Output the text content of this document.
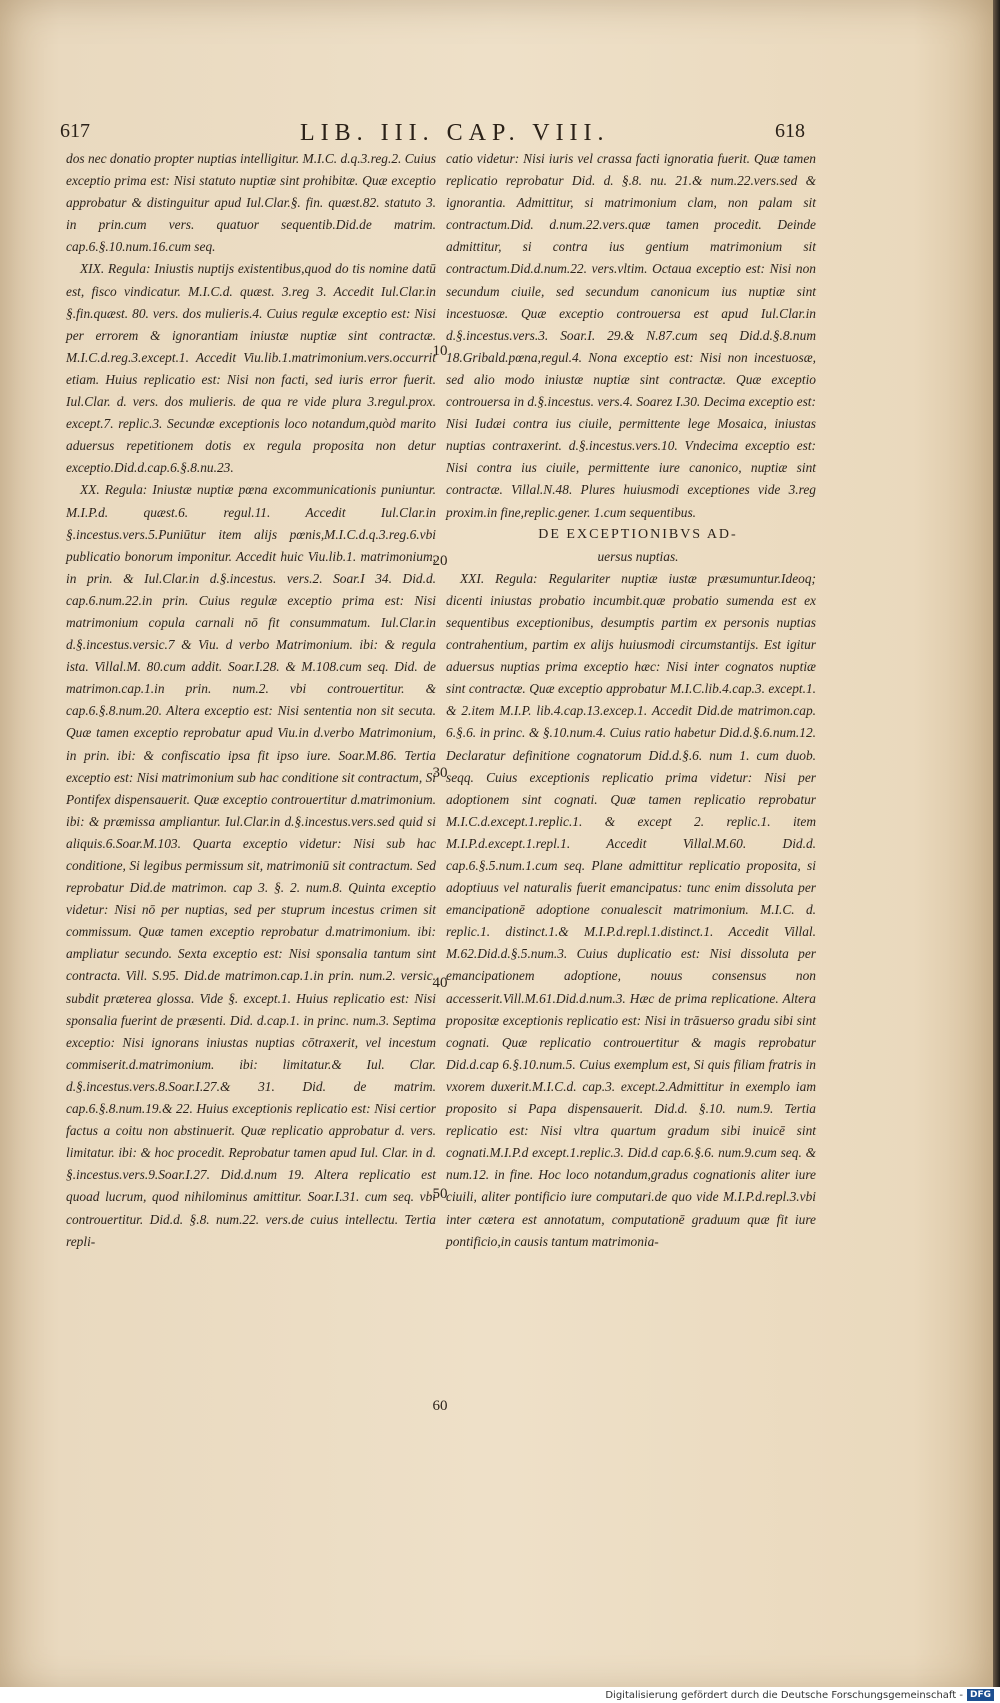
617	LIB. III. CAP. VIII.	618

dos nec donatio propter nuptias intelligitur. M.I.C. d.q.3.reg.2. Cuius exceptio prima est: Nisi statuto nuptiæ sint prohibitæ. Quæ exceptio approbatur & distinguitur apud Iul.Clar.§. fin. quæst.82. statuto 3. in prin.cum vers. quatuor sequentib.Did.de matrim. cap.6.§.10.num.16.cum seq.

XIX. Regula: Iniustis nuptijs existentibus,quod do tis nomine datū est, fisco vindicatur. M.I.C.d. quæst. 3.reg 3. Accedit Iul.Clar.in §.fin.quæst. 80. vers. dos mulieris.4. Cuius regulæ exceptio est: Nisi per errorem & ignorantiam iniustæ nuptiæ sint contractæ. M.I.C.d.reg.3.except.1. Accedit Viu.lib.1.matrimonium.vers.occurrit etiam. Huius replicatio est: Nisi non facti, sed iuris error fuerit. Iul.Clar. d. vers. dos mulieris. de qua re vide plura 3.regul.prox. except.7. replic.3. Secundæ exceptionis loco notandum,quòd marito aduersus repetitionem dotis ex regula proposita non detur exceptio.Did.d.cap.6.§.8.nu.23.

XX. Regula: Iniustæ nuptiæ pœna excommunicationis puniuntur. M.I.P.d. quæst.6. regul.11. Accedit Iul.Clar.in §.incestus.vers.5.Puniūtur item alijs pœnis,M.I.C.d.q.3.reg.6.vbi publicatio bonorum imponitur. Accedit huic Viu.lib.1. matrimonium, in prin. & Iul.Clar.in d.§.incestus. vers.2. Soar.I 34. Did.d. cap.6.num.22.in prin. Cuius regulæ exceptio prima est: Nisi matrimonium copula carnali nō fit consummatum. Iul.Clar.in d.§.incestus.versic.7 & Viu. d verbo Matrimonium. ibi: & regula ista. Villal.M. 80.cum addit. Soar.I.28. & M.108.cum seq. Did. de matrimon.cap.1.in prin. num.2. vbi controuertitur. & cap.6.§.8.num.20. Altera exceptio est: Nisi sententia non sit secuta. Quæ tamen exceptio reprobatur apud Viu.in d.verbo Matrimonium, in prin. ibi: & confiscatio ipsa fit ipso iure. Soar.M.86. Tertia exceptio est: Nisi matrimonium sub hac conditione sit contractum, Si Pontifex dispensauerit. Quæ exceptio controuertitur d.matrimonium. ibi: & præmissa ampliantur. Iul.Clar.in d.§.incestus.vers.sed quid si aliquis.6.Soar.M.103. Quarta exceptio videtur: Nisi sub hac conditione, Si legibus permissum sit, matrimoniū sit contractum. Sed reprobatur Did.de matrimon. cap 3. §. 2. num.8. Quinta exceptio videtur: Nisi nō per nuptias, sed per stuprum incestus crimen sit commissum. Quæ tamen exceptio reprobatur d.matrimonium. ibi: ampliatur secundo. Sexta exceptio est: Nisi sponsalia tantum sint contracta. Vill. S.95. Did.de matrimon.cap.1.in prin. num.2. versic. subdit præterea glossa. Vide §. except.1. Huius replicatio est: Nisi sponsalia fuerint de præsenti. Did. d.cap.1. in princ. num.3. Septima exceptio: Nisi ignorans iniustas nuptias cōtraxerit, vel incestum commiserit.d.matrimonium. ibi: limitatur.& Iul. Clar. d.§.incestus.vers.8.Soar.I.27.& 31. Did. de matrim. cap.6.§.8.num.19.& 22. Huius exceptionis replicatio est: Nisi certior factus a coitu non abstinuerit. Quæ replicatio approbatur d. vers. limitatur. ibi: & hoc procedit. Reprobatur tamen apud Iul. Clar. in d. §.incestus.vers.9.Soar.I.27. Did.d.num 19. Altera replicatio est quoad lucrum, quod nihilominus amittitur. Soar.I.31. cum seq. vbi controuertitur. Did.d. §.8. num.22. vers.de cuius intellectu. Tertia repli-

10
20
30
40
50
60

catio videtur: Nisi iuris vel crassa facti ignoratia fuerit. Quæ tamen replicatio reprobatur Did. d. §.8. nu. 21.& num.22.vers.sed & ignorantia. Admittitur, si matrimonium clam, non palam sit contractum.Did. d.num.22.vers.quæ tamen procedit. Deinde admittitur, si contra ius gentium matrimonium sit contractum.Did.d.num.22. vers.vltim. Octaua exceptio est: Nisi non secundum ciuile, sed secundum canonicum ius nuptiæ sint incestuosæ. Quæ exceptio controuersa est apud Iul.Clar.in d.§.incestus.vers.3. Soar.I. 29.& N.87.cum seq Did.d.§.8.num 18.Gribald.pœna,regul.4. Nona exceptio est: Nisi non incestuosæ, sed alio modo iniustæ nuptiæ sint contractæ. Quæ exceptio controuersa in d.§.incestus. vers.4. Soarez I.30. Decima exceptio est: Nisi Iudæi contra ius ciuile, permittente lege Mosaica, iniustas nuptias contraxerint. d.§.incestus.vers.10. Vndecima exceptio est: Nisi contra ius ciuile, permittente iure canonico, nuptiæ sint contractæ. Villal.N.48. Plures huiusmodi exceptiones vide 3.reg proxim.in fine,replic.gener. 1.cum sequentibus.

DE EXCEPTIONIBVS AD-
uersus nuptias.

XXI. Regula: Regulariter nuptiæ iustæ præsumuntur.Ideoq; dicenti iniustas probatio incumbit.quæ probatio sumenda est ex sequentibus exceptionibus, desumptis partim ex personis nuptias contrahentium, partim ex alijs huiusmodi circumstantijs. Est igitur aduersus nuptias prima exceptio hæc: Nisi inter cognatos nuptiæ sint contractæ. Quæ exceptio approbatur M.I.C.lib.4.cap.3. except.1. & 2.item M.I.P. lib.4.cap.13.excep.1. Accedit Did.de matrimon.cap. 6.§.6. in princ. & §.10.num.4. Cuius ratio habetur Did.d.§.6.num.12. Declaratur definitione cognatorum Did.d.§.6. num 1. cum duob. seqq. Cuius exceptionis replicatio prima videtur: Nisi per adoptionem sint cognati. Quæ tamen replicatio reprobatur M.I.C.d.except.1.replic.1. & except 2. replic.1. item M.I.P.d.except.1.repl.1. Accedit Villal.M.60. Did.d. cap.6.§.5.num.1.cum seq. Plane admittitur replicatio proposita, si adoptiuus vel naturalis fuerit emancipatus: tunc enim dissoluta per emancipationē adoptione conualescit matrimonium. M.I.C. d. replic.1. distinct.1.& M.I.P.d.repl.1.distinct.1. Accedit Villal. M.62.Did.d.§.5.num.3. Cuius duplicatio est: Nisi dissoluta per emancipationem adoptione, nouus consensus non accesserit.Vill.M.61.Did.d.num.3. Hæc de prima replicatione. Altera propositæ exceptionis replicatio est: Nisi in trāsuerso gradu sibi sint cognati. Quæ replicatio controuertitur & magis reprobatur Did.d.cap 6.§.10.num.5. Cuius exemplum est, Si quis filiam fratris in vxorem duxerit.M.I.C.d. cap.3. except.2.Admittitur in exemplo iam proposito si Papa dispensauerit. Did.d. §.10. num.9. Tertia replicatio est: Nisi vltra quartum gradum sibi inuicē sint cognati.M.I.P.d except.1.replic.3. Did.d cap.6.§.6. num.9.cum seq. & num.12. in fine. Hoc loco notandum,gradus cognationis aliter iure ciuili, aliter pontificio iure computari.de quo vide M.I.P.d.repl.3.vbi inter cætera est annotatum, computationē graduum quæ fit iure pontificio,in causis tantum matrimonia-

Digitalisierung gefördert durch die Deutsche Forschungsgemeinschaft - DFG
